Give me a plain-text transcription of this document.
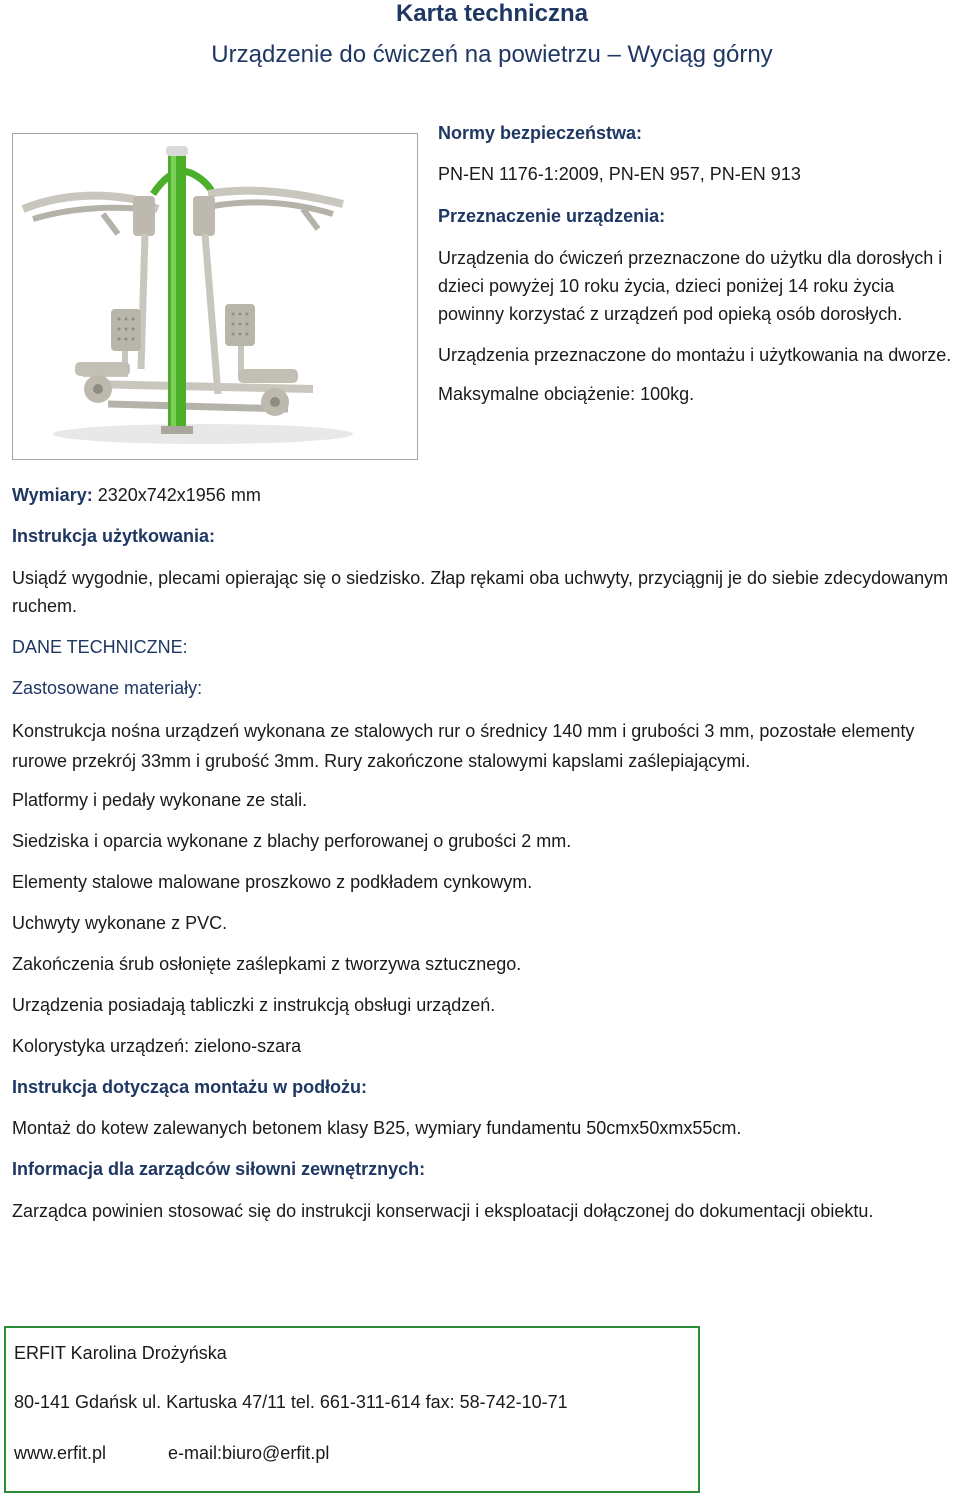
Karta techniczna
Urządzenie do ćwiczeń na powietrzu – Wyciąg górny

Normy bezpieczeństwa:

PN-EN 1176-1:2009, PN-EN 957, PN-EN 913

Przeznaczenie urządzenia:

Urządzenia do ćwiczeń przeznaczone do użytku dla dorosłych i dzieci powyżej 10 roku życia, dzieci poniżej 14 roku życia powinny korzystać z urządzeń pod opieką osób dorosłych.

Urządzenia przeznaczone do montażu i użytkowania na dworze.

Maksymalne obciążenie: 100kg.

Wymiary: 2320x742x1956 mm
Instrukcja użytkowania:

Usiądź wygodnie, plecami opierając się o siedzisko. Złap rękami oba uchwyty, przyciągnij je do siebie zdecydowanym ruchem.

DANE TECHNICZNE:

Zastosowane materiały:

Konstrukcja nośna urządzeń wykonana ze stalowych rur o średnicy 140 mm i grubości 3 mm, pozostałe elementy rurowe przekrój 33mm i grubość 3mm. Rury zakończone stalowymi kapslami zaślepiającymi.

Platformy i pedały wykonane ze stali.

Siedziska i oparcia wykonane z blachy perforowanej o grubości 2 mm.

Elementy stalowe malowane proszkowo z podkładem cynkowym.

Uchwyty wykonane z PVC.

Zakończenia śrub osłonięte zaślepkami z tworzywa sztucznego.

Urządzenia posiadają tabliczki z instrukcją obsługi urządzeń.

Kolorystyka urządzeń: zielono-szara

Instrukcja dotycząca montażu w podłożu:

Montaż do kotew zalewanych betonem klasy B25, wymiary fundamentu 50cmx50xmx55cm.

Informacja dla zarządców siłowni zewnętrznych:

Zarządca powinien stosować się do instrukcji konserwacji i eksploatacji dołączonej do dokumentacji obiektu.

ERFIT Karolina Drożyńska
80-141 Gdańsk ul. Kartuska 47/11 tel. 661-311-614 fax: 58-742-10-71
www.erfit.pl	e-mail:biuro@erfit.pl
